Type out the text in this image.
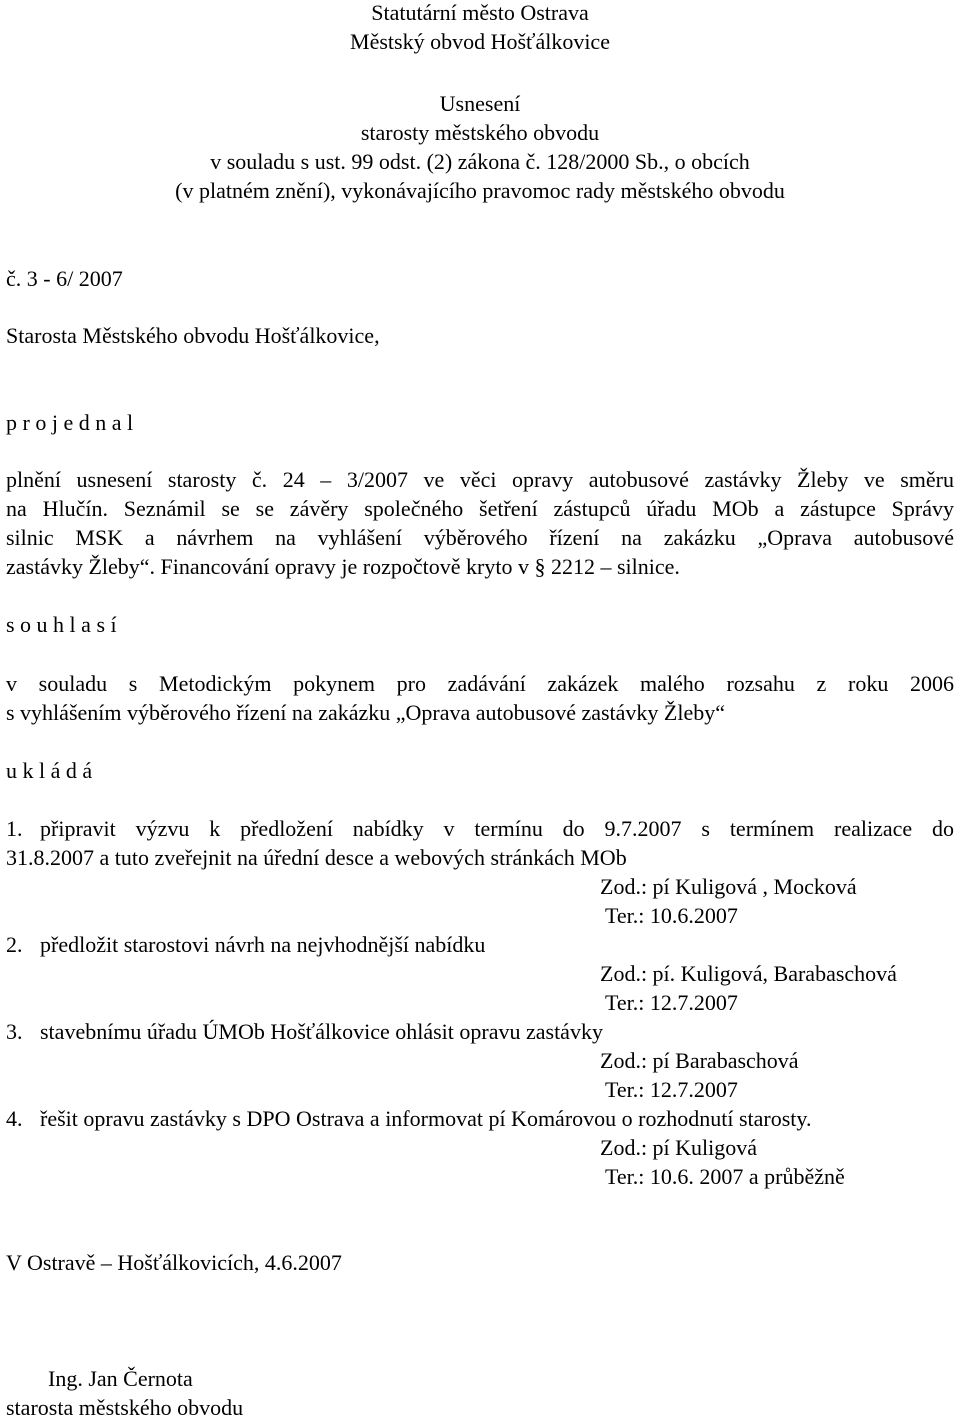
Statutární město Ostrava
Městský obvod Hošťálkovice
Usnesení
starosty městského obvodu
v souladu s ust. 99 odst. (2) zákona č. 128/2000 Sb., o obcích
(v platném znění), vykonávajícího pravomoc rady městského obvodu
č. 3 - 6/ 2007
Starosta Městského obvodu Hošťálkovice,
p r o j e d n a l
plnění usnesení starosty č. 24 – 3/2007 ve věci opravy autobusové zastávky Žleby ve směru
na Hlučín. Seznámil se se závěry společného šetření zástupců úřadu MOb a zástupce Správy
silnic MSK a návrhem na vyhlášení výběrového řízení na zakázku „Oprava autobusové
zastávky Žleby“. Financování opravy je rozpočtově kryto v § 2212 – silnice.
s o u h l a s í
v souladu s Metodickým pokynem pro zadávání zakázek malého rozsahu z roku 2006
s vyhlášením výběrového řízení na zakázku „Oprava autobusové zastávky Žleby“
u k l á d á
1. připravit výzvu k předložení nabídky v termínu do 9.7.2007 s termínem realizace do
31.8.2007 a tuto zveřejnit na úřední desce a webových stránkách MOb
Zod.: pí Kuligová , Mocková
Ter.: 10.6.2007
2. předložit starostovi návrh na nejvhodnější nabídku
Zod.: pí. Kuligová, Barabaschová
Ter.: 12.7.2007
3. stavebnímu úřadu ÚMOb Hošťálkovice ohlásit opravu zastávky
Zod.: pí Barabaschová
Ter.: 12.7.2007
4. řešit opravu zastávky s DPO Ostrava a informovat pí Komárovou o rozhodnutí starosty.
Zod.: pí Kuligová
Ter.: 10.6. 2007 a průběžně
V Ostravě – Hošťálkovicích, 4.6.2007
Ing. Jan Černota
starosta městského obvodu
